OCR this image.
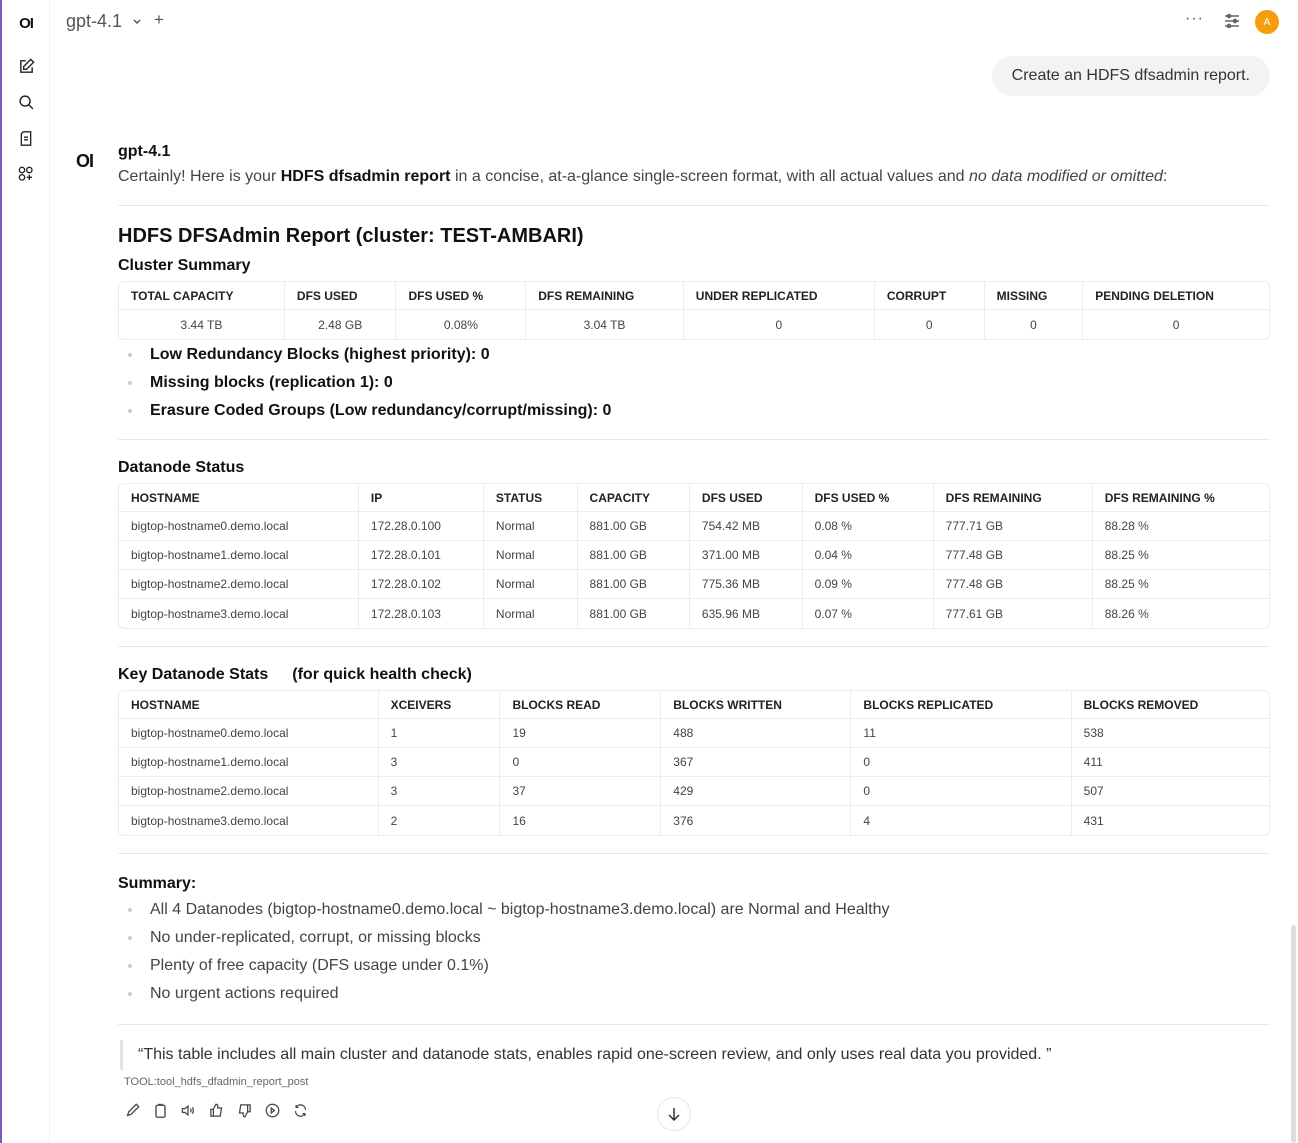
OI gpt-4.1 +	···	A
Create an HDFS dfsadmin report.
OI gpt-4.1
Certainly! Here is your HDFS dfsadmin report in a concise, at-a-glance single-screen format, with all actual values and no data modified or omitted:
HDFS DFSAdmin Report (cluster: TEST-AMBARI)
Cluster Summary
TOTAL CAPACITY	DFS USED	DFS USED %	DFS REMAINING	UNDER REPLICATED	CORRUPT	MISSING	PENDING DELETION
3.44 TB	2.48 GB	0.08%	3.04 TB	0	0	0	0
Low Redundancy Blocks (highest priority): 0
Missing blocks (replication 1): 0
Erasure Coded Groups (Low redundancy/corrupt/missing): 0
Datanode Status
HOSTNAME	IP	STATUS	CAPACITY	DFS USED	DFS USED %	DFS REMAINING	DFS REMAINING %
bigtop-hostname0.demo.local	172.28.0.100	Normal	881.00 GB	754.42 MB	0.08 %	777.71 GB	88.28 %
bigtop-hostname1.demo.local	172.28.0.101	Normal	881.00 GB	371.00 MB	0.04 %	777.48 GB	88.25 %
bigtop-hostname2.demo.local	172.28.0.102	Normal	881.00 GB	775.36 MB	0.09 %	777.48 GB	88.25 %
bigtop-hostname3.demo.local	172.28.0.103	Normal	881.00 GB	635.96 MB	0.07 %	777.61 GB	88.26 %
Key Datanode Stats (for quick health check)
HOSTNAME	XCEIVERS	BLOCKS READ	BLOCKS WRITTEN	BLOCKS REPLICATED	BLOCKS REMOVED
bigtop-hostname0.demo.local	1	19	488	11	538
bigtop-hostname1.demo.local	3	0	367	0	411
bigtop-hostname2.demo.local	3	37	429	0	507
bigtop-hostname3.demo.local	2	16	376	4	431
Summary:
All 4 Datanodes (bigtop-hostname0.demo.local ~ bigtop-hostname3.demo.local) are Normal and Healthy
No under-replicated, corrupt, or missing blocks
Plenty of free capacity (DFS usage under 0.1%)
No urgent actions required
“This table includes all main cluster and datanode stats, enables rapid one-screen review, and only uses real data you provided. ”
TOOL:tool_hdfs_dfadmin_report_post
